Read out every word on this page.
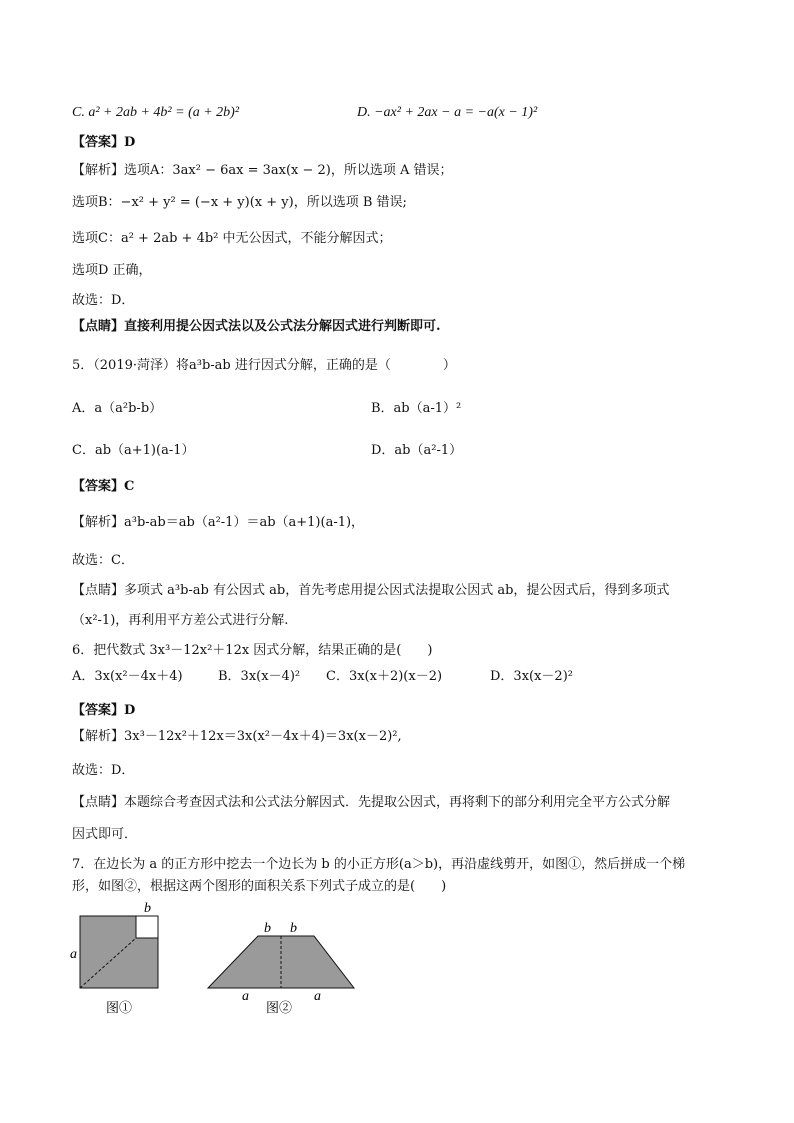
C. a² + 2ab + 4b² = (a + 2b)²	D. −ax² + 2ax − a = −a(x − 1)²
【答案】D
【解析】选项A：3ax² − 6ax = 3ax(x − 2)，所以选项 A 错误；
选项B：−x² + y² = (−x + y)(x + y)，所以选项 B 错误;
选项C：a² + 2ab + 4b² 中无公因式，不能分解因式；
选项D 正确，
故选：D．
【点睛】直接利用提公因式法以及公式法分解因式进行判断即可.
5．（2019·菏泽）将a³b-ab 进行因式分解，正确的是（　　　　）
A．a（a²b-b）	B．ab（a-1）²
C．ab（a+1)(a-1）	D．ab（a²-1）
【答案】C
【解析】a³b-ab＝ab（a²-1）＝ab（a+1)(a-1)，
故选：C．
【点睛】多项式 a³b-ab 有公因式 ab，首先考虑用提公因式法提取公因式 ab，提公因式后，得到多项式
（x²-1)，再利用平方差公式进行分解.
6．把代数式 3x³－12x²＋12x 因式分解，结果正确的是(　　)
A．3x(x²－4x＋4)	B．3x(x－4)² C．3x(x＋2)(x－2)	D．3x(x－2)²
【答案】D
【解析】3x³－12x²＋12x＝3x(x²－4x＋4)＝3x(x－2)²,
故选：D．
【点睛】本题综合考查因式法和公式法分解因式．先提取公因式，再将剩下的部分利用完全平方公式分解
因式即可．
7．在边长为 a 的正方形中挖去一个边长为 b 的小正方形(a＞b)，再沿虚线剪开，如图①，然后拼成一个梯
形，如图②，根据这两个图形的面积关系下列式子成立的是(　　)
b
a
图①
b b
a	a
图②
